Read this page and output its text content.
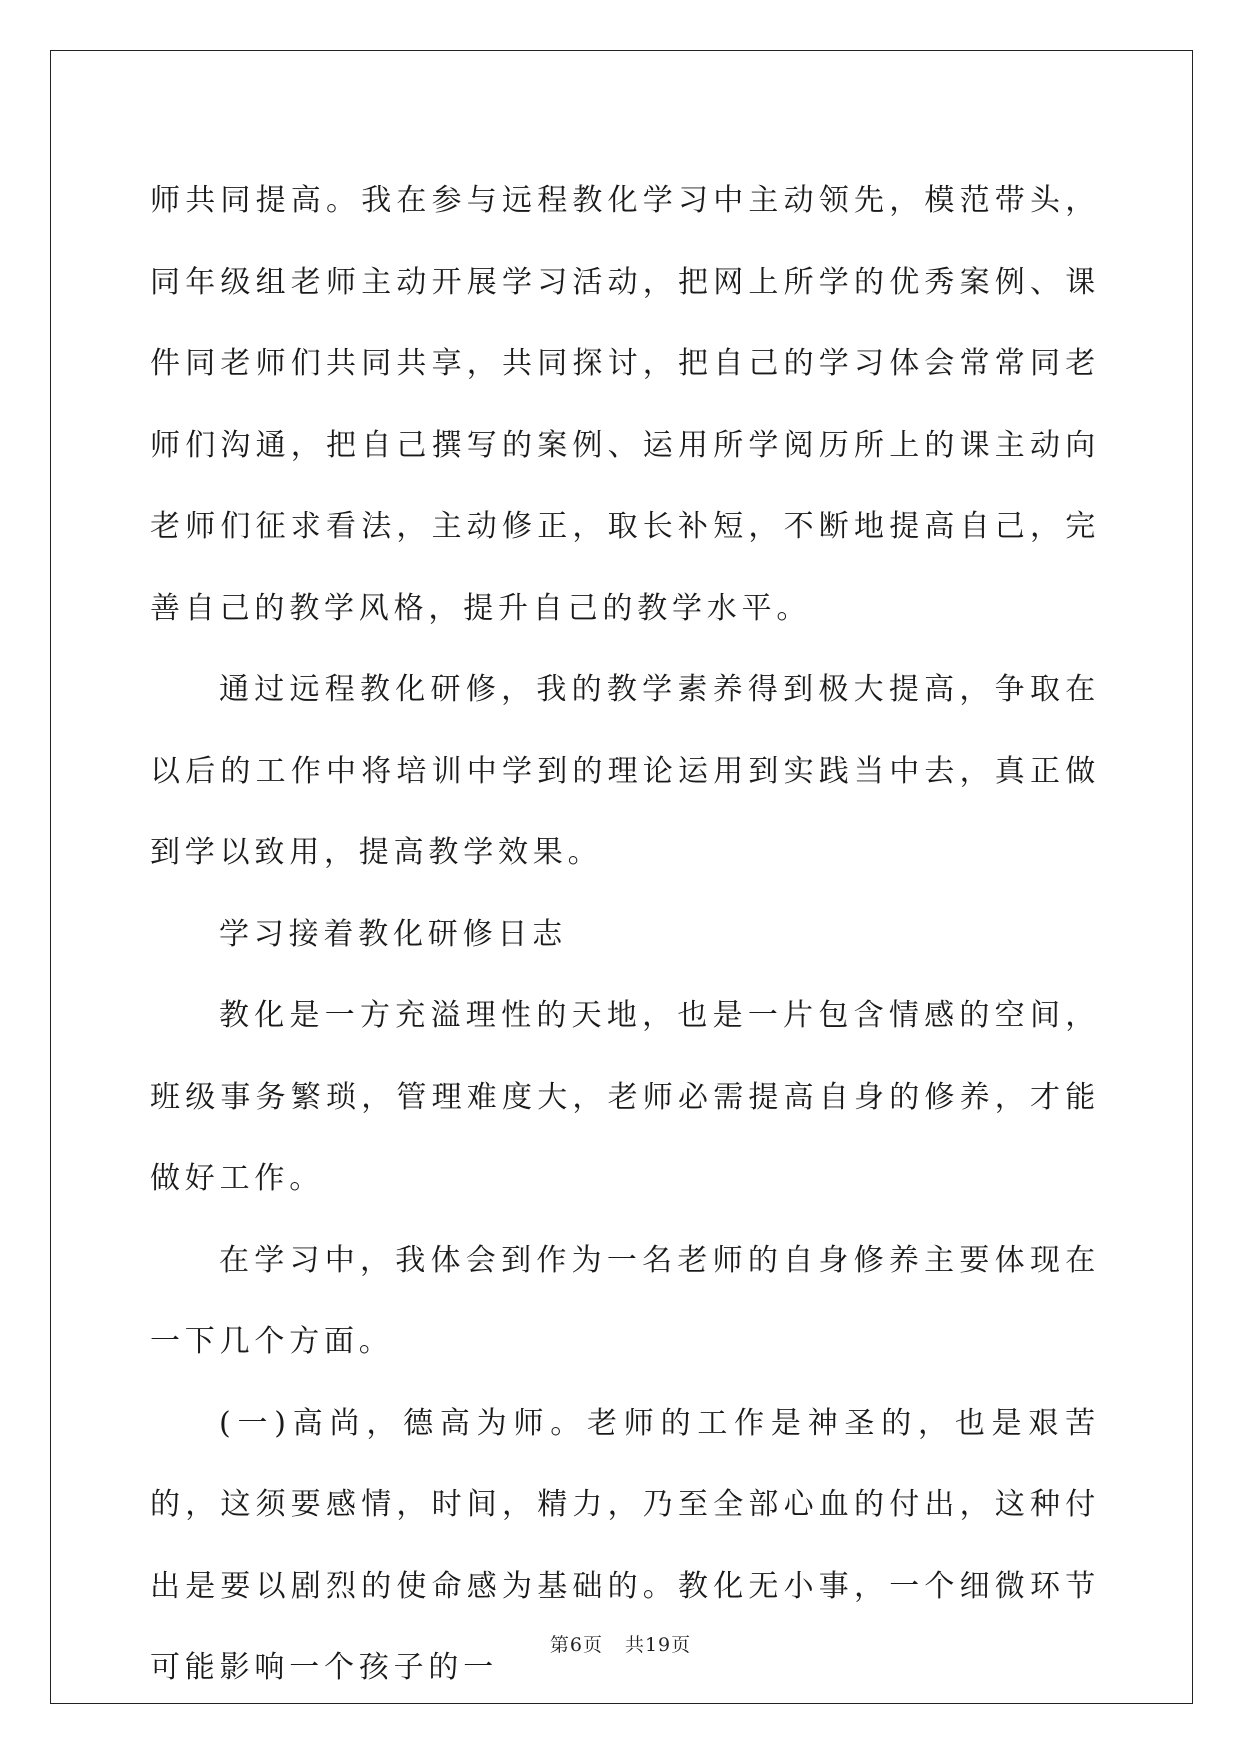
师共同提高。我在参与远程教化学习中主动领先，模范带头，同年级组老师主动开展学习活动，把网上所学的优秀案例、课件同老师们共同共享，共同探讨，把自己的学习体会常常同老师们沟通，把自己撰写的案例、运用所学阅历所上的课主动向老师们征求看法，主动修正，取长补短，不断地提高自己，完善自己的教学风格，提升自己的教学水平。

通过远程教化研修，我的教学素养得到极大提高，争取在以后的工作中将培训中学到的理论运用到实践当中去，真正做到学以致用，提高教学效果。

学习接着教化研修日志

教化是一方充溢理性的天地，也是一片包含情感的空间，班级事务繁琐，管理难度大，老师必需提高自身的修养，才能做好工作。

在学习中，我体会到作为一名老师的自身修养主要体现在一下几个方面。

(一)高尚，德高为师。老师的工作是神圣的，也是艰苦的，这须要感情，时间，精力，乃至全部心血的付出，这种付出是要以剧烈的使命感为基础的。教化无小事，一个细微环节可能影响一个孩子的一

第6页 共19页
